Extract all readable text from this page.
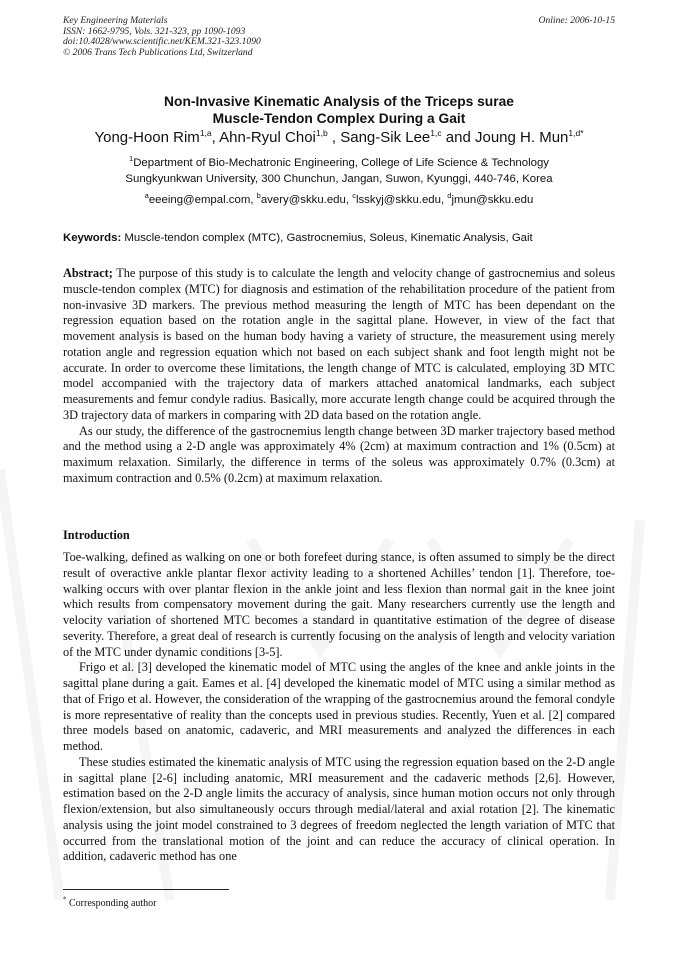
Key Engineering Materials
ISSN: 1662-9795, Vols. 321-323, pp 1090-1093
doi:10.4028/www.scientific.net/KEM.321-323.1090
© 2006 Trans Tech Publications Ltd, Switzerland
Online: 2006-10-15
Non-Invasive Kinematic Analysis of the Triceps surae
Muscle-Tendon Complex During a Gait
Yong-Hoon Rim$^{1,a}$, Ahn-Ryul Choi$^{1,b}$ , Sang-Sik Lee$^{1,c}$ and Joung H. Mun$^{1,d*}$
$^1$Department of Bio-Mechatronic Engineering, College of Life Science & Technology
Sungkyunkwan University, 300 Chunchun, Jangan, Suwon, Kyunggi, 440-746, Korea
$^a$eeeing@empal.com, $^b$avery@skku.edu, $^c$lsskyj@skku.edu, $^d$jmun@skku.edu
Keywords: Muscle-tendon complex (MTC), Gastrocnemius, Soleus, Kinematic Analysis, Gait

Abstract; The purpose of this study is to calculate the length and velocity change of gastrocnemius and soleus muscle-tendon complex (MTC) for diagnosis and estimation of the rehabilitation procedure of the patient from non-invasive 3D markers. The previous method measuring the length of MTC has been dependant on the regression equation based on the rotation angle in the sagittal plane. However, in view of the fact that movement analysis is based on the human body having a variety of structure, the measurement using merely rotation angle and regression equation which not based on each subject shank and foot length might not be accurate. In order to overcome these limitations, the length change of MTC is calculated, employing 3D MTC model accompanied with the trajectory data of markers attached anatomical landmarks, each subject measurements and femur condyle radius. Basically, more accurate length change could be acquired through the 3D trajectory data of markers in comparing with 2D data based on the rotation angle.

As our study, the difference of the gastrocnemius length change between 3D marker trajectory based method and the method using a 2-D angle was approximately 4% (2cm) at maximum contraction and 1% (0.5cm) at maximum relaxation. Similarly, the difference in terms of the soleus was approximately 0.7% (0.3cm) at maximum contraction and 0.5% (0.2cm) at maximum relaxation.

Introduction

Toe-walking, defined as walking on one or both forefeet during stance, is often assumed to simply be the direct result of overactive ankle plantar flexor activity leading to a shortened Achilles’ tendon [1]. Therefore, toe-walking occurs with over plantar flexion in the ankle joint and less flexion than normal gait in the knee joint which results from compensatory movement during the gait. Many researchers currently use the length and velocity variation of shortened MTC becomes a standard in quantitative estimation of the degree of disease severity. Therefore, a great deal of research is currently focusing on the analysis of length and velocity variation of the MTC under dynamic conditions [3-5].

Frigo et al. [3] developed the kinematic model of MTC using the angles of the knee and ankle joints in the sagittal plane during a gait. Eames et al. [4] developed the kinematic model of MTC using a similar method as that of Frigo et al. However, the consideration of the wrapping of the gastrocnemius around the femoral condyle is more representative of reality than the concepts used in previous studies. Recently, Yuen et al. [2] compared three models based on anatomic, cadaveric, and MRI measurements and analyzed the differences in each method.

These studies estimated the kinematic analysis of MTC using the regression equation based on the 2-D angle in sagittal plane [2-6] including anatomic, MRI measurement and the cadaveric methods [2,6]. However, estimation based on the 2-D angle limits the accuracy of analysis, since human motion occurs not only through flexion/extension, but also simultaneously occurs through medial/lateral and axial rotation [2]. The kinematic analysis using the joint model constrained to 3 degrees of freedom neglected the length variation of MTC that occurred from the translational motion of the joint and can reduce the accuracy of clinical operation. In addition, cadaveric method has one

* Corresponding author
